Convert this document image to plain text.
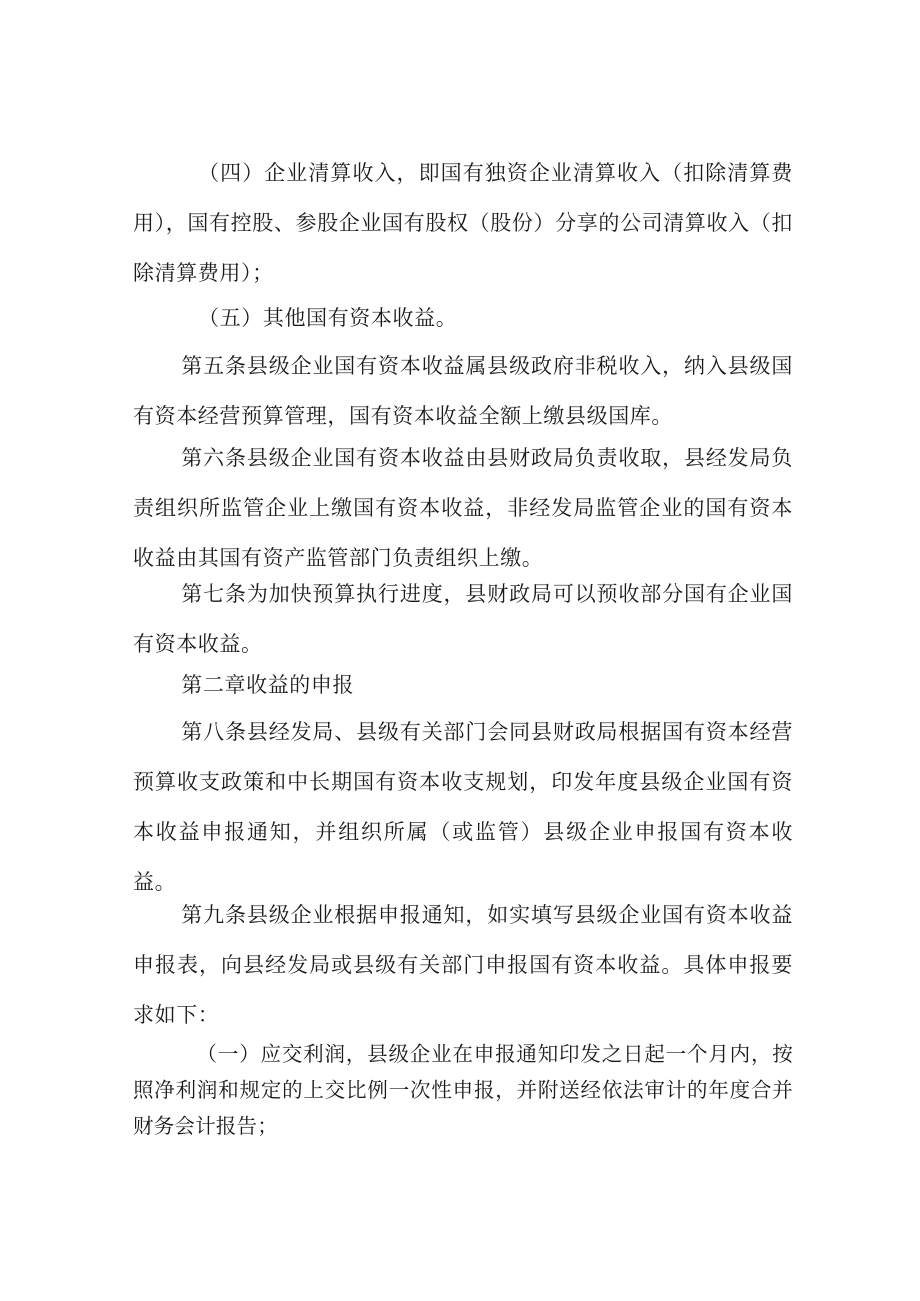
（四）企业清算收入，即国有独资企业清算收入（扣除清算费用），国有控股、参股企业国有股权（股份）分享的公司清算收入（扣除清算费用）；

（五）其他国有资本收益。

第五条县级企业国有资本收益属县级政府非税收入，纳入县级国有资本经营预算管理，国有资本收益全额上缴县级国库。

第六条县级企业国有资本收益由县财政局负责收取，县经发局负责组织所监管企业上缴国有资本收益，非经发局监管企业的国有资本收益由其国有资产监管部门负责组织上缴。

第七条为加快预算执行进度，县财政局可以预收部分国有企业国有资本收益。

第二章收益的申报

第八条县经发局、县级有关部门会同县财政局根据国有资本经营预算收支政策和中长期国有资本收支规划，印发年度县级企业国有资本收益申报通知，并组织所属（或监管）县级企业申报国有资本收益。

第九条县级企业根据申报通知，如实填写县级企业国有资本收益申报表，向县经发局或县级有关部门申报国有资本收益。具体申报要求如下：

（一）应交利润，县级企业在申报通知印发之日起一个月内，按照净利润和规定的上交比例一次性申报，并附送经依法审计的年度合并财务会计报告；
